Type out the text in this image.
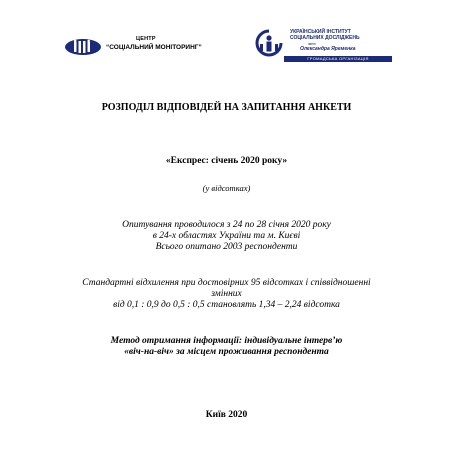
ЦЕНТР
“СОЦІАЛЬНИЙ МОНІТОРИНГ”
УКРАЇНСЬКИЙ ІНСТИТУТ
СОЦІАЛЬНИХ ДОСЛІДЖЕНЬ
імені
Олександра Яременка
ГРОМАДСЬКА ОРГАНІЗАЦІЯ
РОЗПОДІЛ ВІДПОВІДЕЙ НА ЗАПИТАННЯ АНКЕТИ
«Експрес: січень 2020 року»
(у відсотках)
Опитування проводилося з 24 по 28 січня 2020 року
в 24-х областях України та м. Києві
Всього опитано 2003 респонденти
Стандартні відхилення при достовірних 95 відсотках і співвідношенні
змінних
від 0,1 : 0,9 до 0,5 : 0,5 становлять 1,34 – 2,24 відсотка
Метод отримання інформації: індивідуальне інтерв’ю
«віч-на-віч» за місцем проживання респондента
Київ 2020
